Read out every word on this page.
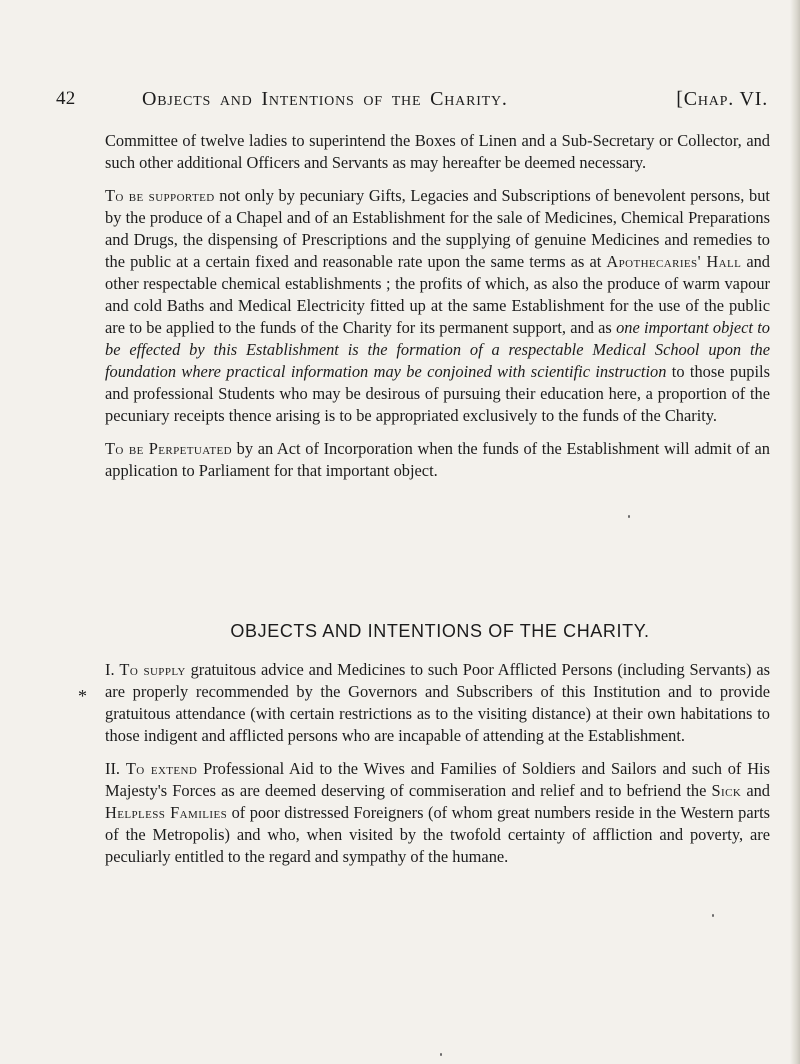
42	Objects and Intentions of the Charity.	[Chap. VI.

Committee of twelve ladies to superintend the Boxes of Linen and a Sub-Secretary or Collector, and such other additional Officers and Servants as may hereafter be deemed necessary.

To be supported not only by pecuniary Gifts, Legacies and Subscriptions of benevolent persons, but by the produce of a Chapel and of an Establishment for the sale of Medicines, Chemical Preparations and Drugs, the dispensing of Prescriptions and the supplying of genuine Medicines and remedies to the public at a certain fixed and reasonable rate upon the same terms as at Apothecaries' Hall and other respectable chemical establishments ; the profits of which, as also the produce of warm vapour and cold Baths and Medical Electricity fitted up at the same Establishment for the use of the public are to be applied to the funds of the Charity for its permanent support, and as one important object to be effected by this Establishment is the formation of a respectable Medical School upon the foundation where practical information may be conjoined with scientific instruction to those pupils and professional Students who may be desirous of pursuing their education here, a proportion of the pecuniary receipts thence arising is to be appropriated exclusively to the funds of the Charity.

To be Perpetuated by an Act of Incorporation when the funds of the Establishment will admit of an application to Parliament for that important object.

OBJECTS AND INTENTIONS OF THE CHARITY.
*

I. To supply gratuitous advice and Medicines to such Poor Afflicted Persons (including Servants) as are properly recommended by the Governors and Subscribers of this Institution and to provide gratuitous attendance (with certain restrictions as to the visiting distance) at their own habitations to those indigent and afflicted persons who are incapable of attending at the Establishment.

II. To extend Professional Aid to the Wives and Families of Soldiers and Sailors and such of His Majesty's Forces as are deemed deserving of commiseration and relief and to befriend the Sick and Helpless Families of poor distressed Foreigners (of whom great numbers reside in the Western parts of the Metropolis) and who, when visited by the twofold certainty of affliction and poverty, are peculiarly entitled to the regard and sympathy of the humane.
